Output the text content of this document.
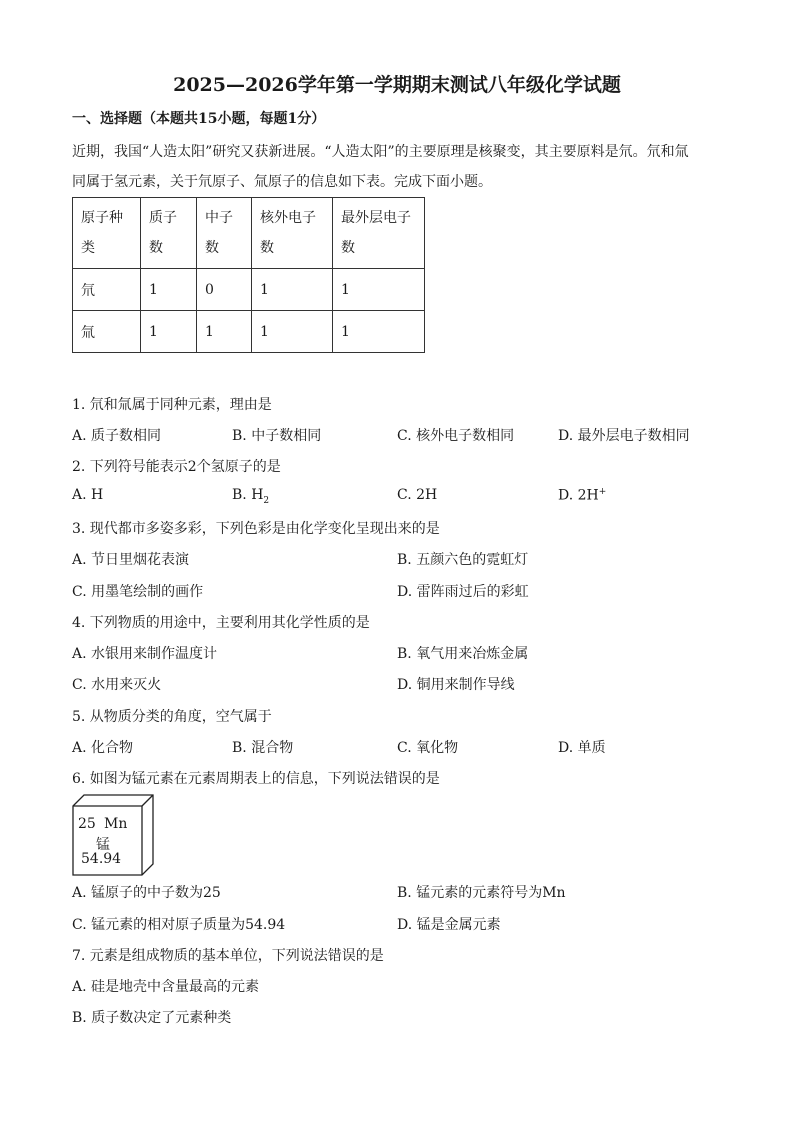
2025—2026学年第一学期期末测试八年级化学试题
一、选择题（本题共15小题，每题1分）
近期，我国“人造太阳”研究又获新进展。“人造太阳”的主要原理是核聚变，其主要原料是氘。氘和氚
同属于氢元素，关于氘原子、氚原子的信息如下表。完成下面小题。
原子种类	质子数	中子数	核外电子数	最外层电子数
氘	1	0	1	1
氚	1	1	1	1
1. 氘和氚属于同种元素，理由是
A. 质子数相同	B. 中子数相同	C. 核外电子数相同	D. 最外层电子数相同
2. 下列符号能表示2个氢原子的是
A. H	B. $H_2$	C. 2H	D. 2H+
3. 现代都市多姿多彩，下列色彩是由化学变化呈现出来的是
A. 节日里烟花表演	B. 五颜六色的霓虹灯
C. 用墨笔绘制的画作	D. 雷阵雨过后的彩虹
4. 下列物质的用途中，主要利用其化学性质的是
A. 水银用来制作温度计	B. 氧气用来冶炼金属
C. 水用来灭火	D. 铜用来制作导线
5. 从物质分类的角度，空气属于
A. 化合物	B. 混合物	C. 氧化物	D. 单质
6. 如图为锰元素在元素周期表上的信息，下列说法错误的是
25 Mn
锰
54.94
A. 锰原子的中子数为25	B. 锰元素的元素符号为Mn
C. 锰元素的相对原子质量为54.94	D. 锰是金属元素
7. 元素是组成物质的基本单位，下列说法错误的是
A. 硅是地壳中含量最高的元素
B. 质子数决定了元素种类
